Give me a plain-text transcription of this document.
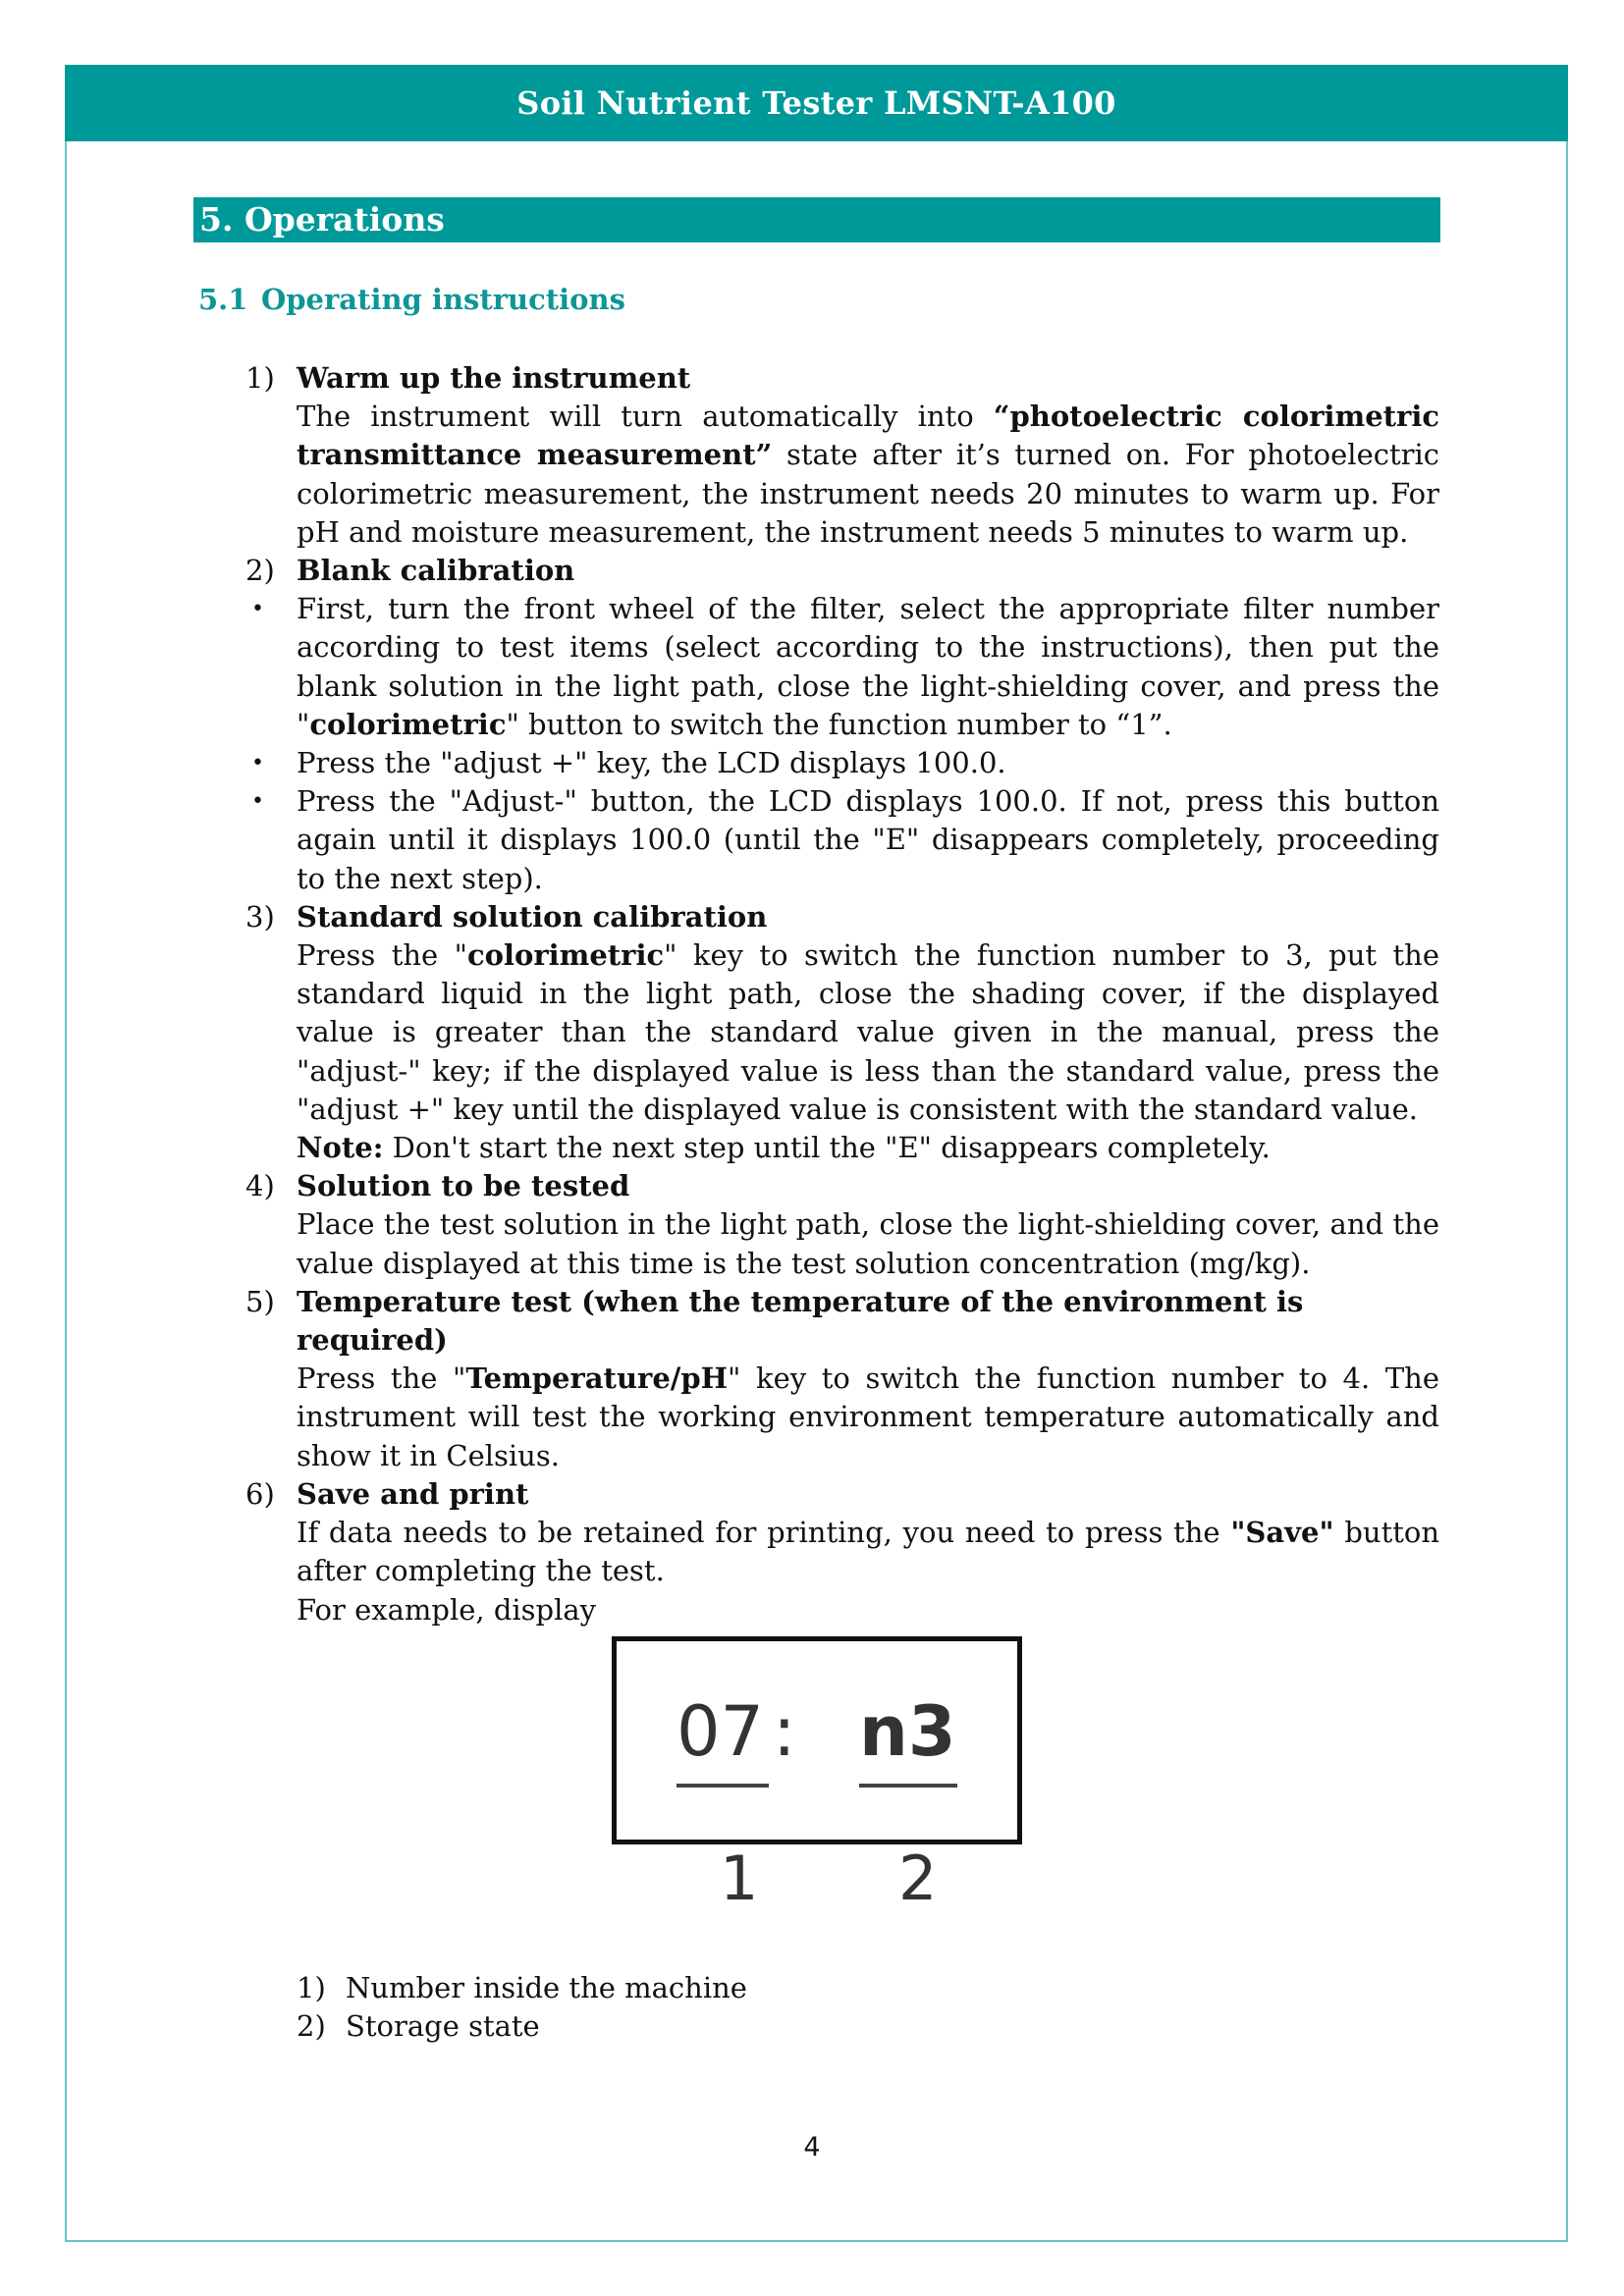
Soil Nutrient Tester LMSNT-A100
5. Operations
5.1 Operating instructions
1) Warm up the instrument
The instrument will turn automatically into “photoelectric colorimetric transmittance measurement” state after it’s turned on. For photoelectric colorimetric measurement, the instrument needs 20 minutes to warm up. For pH and moisture measurement, the instrument needs 5 minutes to warm up.
2) Blank calibration
• First, turn the front wheel of the filter, select the appropriate filter number according to test items (select according to the instructions), then put the blank solution in the light path, close the light-shielding cover, and press the "colorimetric" button to switch the function number to “1”.
• Press the "adjust +" key, the LCD displays 100.0.
• Press the "Adjust-" button, the LCD displays 100.0. If not, press this button again until it displays 100.0 (until the "E" disappears completely, proceeding to the next step).
3) Standard solution calibration
Press the "colorimetric" key to switch the function number to 3, put the standard liquid in the light path, close the shading cover, if the displayed value is greater than the standard value given in the manual, press the "adjust-" key; if the displayed value is less than the standard value, press the "adjust +" key until the displayed value is consistent with the standard value.
Note: Don't start the next step until the "E" disappears completely.
4) Solution to be tested
Place the test solution in the light path, close the light-shielding cover, and the value displayed at this time is the test solution concentration (mg/kg).
5) Temperature test (when the temperature of the environment is required)
Press the "Temperature/pH" key to switch the function number to 4. The instrument will test the working environment temperature automatically and show it in Celsius.
6) Save and print
If data needs to be retained for printing, you need to press the "Save" button after completing the test.
For example, display
07 : n3
1 2
1) Number inside the machine
2) Storage state
4
